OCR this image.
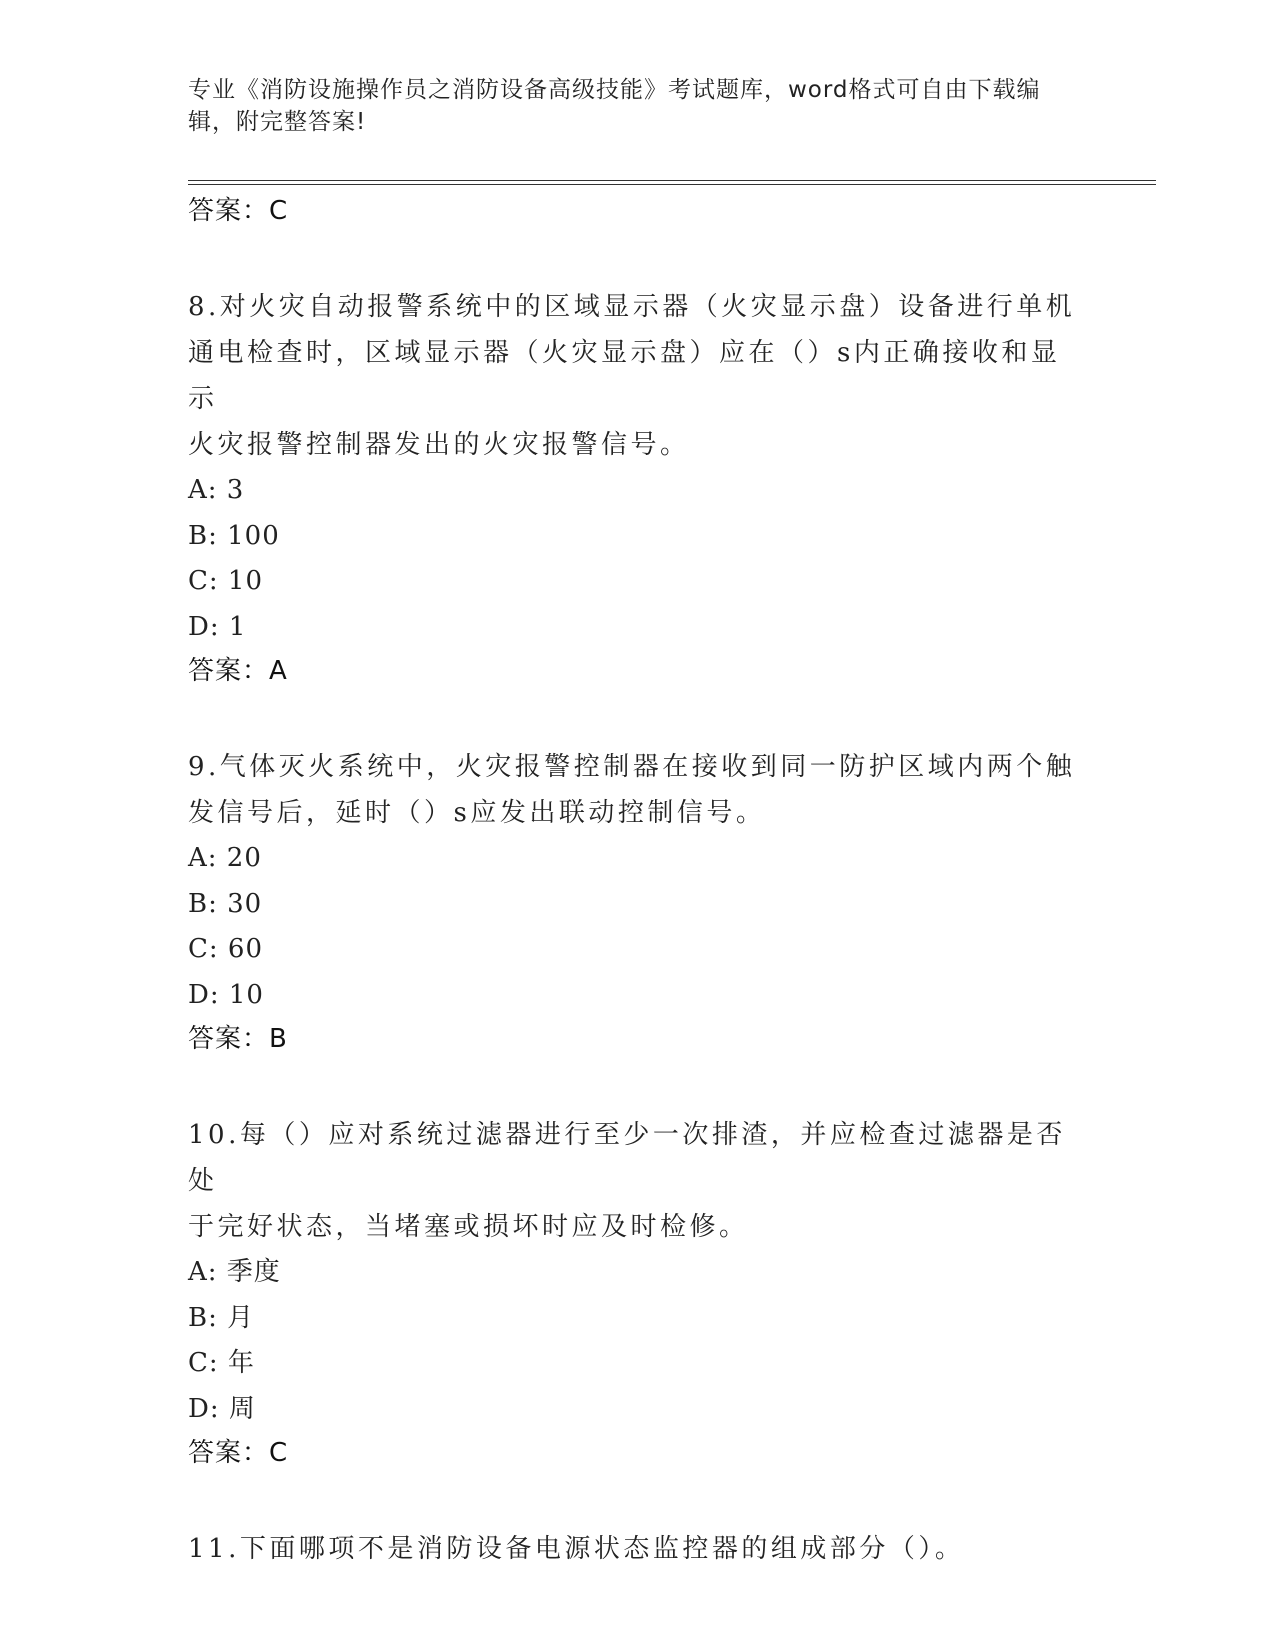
专业《消防设施操作员之消防设备高级技能》考试题库，word格式可自由下载编
辑，附完整答案!
答案：C
8.对火灾自动报警系统中的区域显示器（火灾显示盘）设备进行单机
通电检查时，区域显示器（火灾显示盘）应在（）s内正确接收和显示
火灾报警控制器发出的火灾报警信号。
A: 3
B: 100
C: 10
D: 1
答案：A
9.气体灭火系统中，火灾报警控制器在接收到同一防护区域内两个触
发信号后，延时（）s应发出联动控制信号。
A: 20
B: 30
C: 60
D: 10
答案：B
10.每（）应对系统过滤器进行至少一次排渣，并应检查过滤器是否处
于完好状态，当堵塞或损坏时应及时检修。
A: 季度
B: 月
C: 年
D: 周
答案：C
11.下面哪项不是消防设备电源状态监控器的组成部分（）。
